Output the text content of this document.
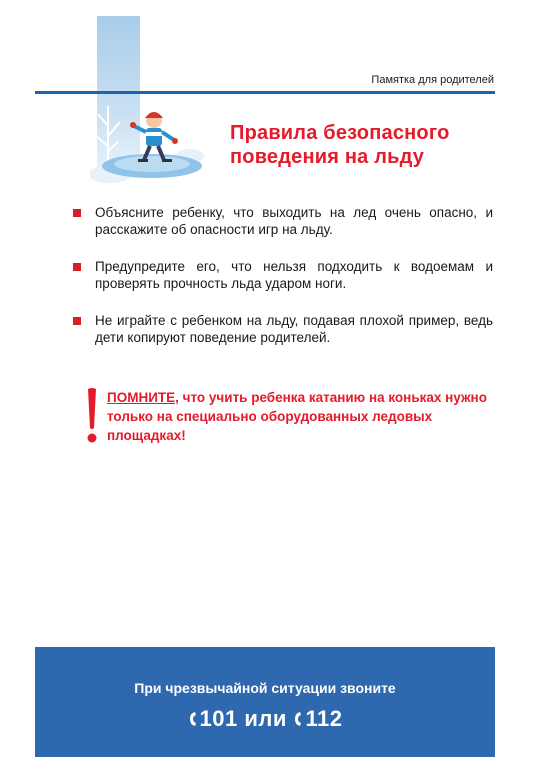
Памятка для родителей
Правила безопасного
поведения на льду
Объясните ребенку, что выходить на лед очень опасно, и расскажите об опасности игр на льду.
Предупредите его, что нельзя подходить к водоемам и проверять прочность льда ударом ноги.
Не играйте с ребенком на льду, подавая плохой пример, ведь дети копируют поведение родителей.
ПОМНИТЕ, что учить ребенка катанию на коньках нужно только на специально оборудованных ледовых площадках!
При чрезвычайной ситуации звоните
101 или 112
